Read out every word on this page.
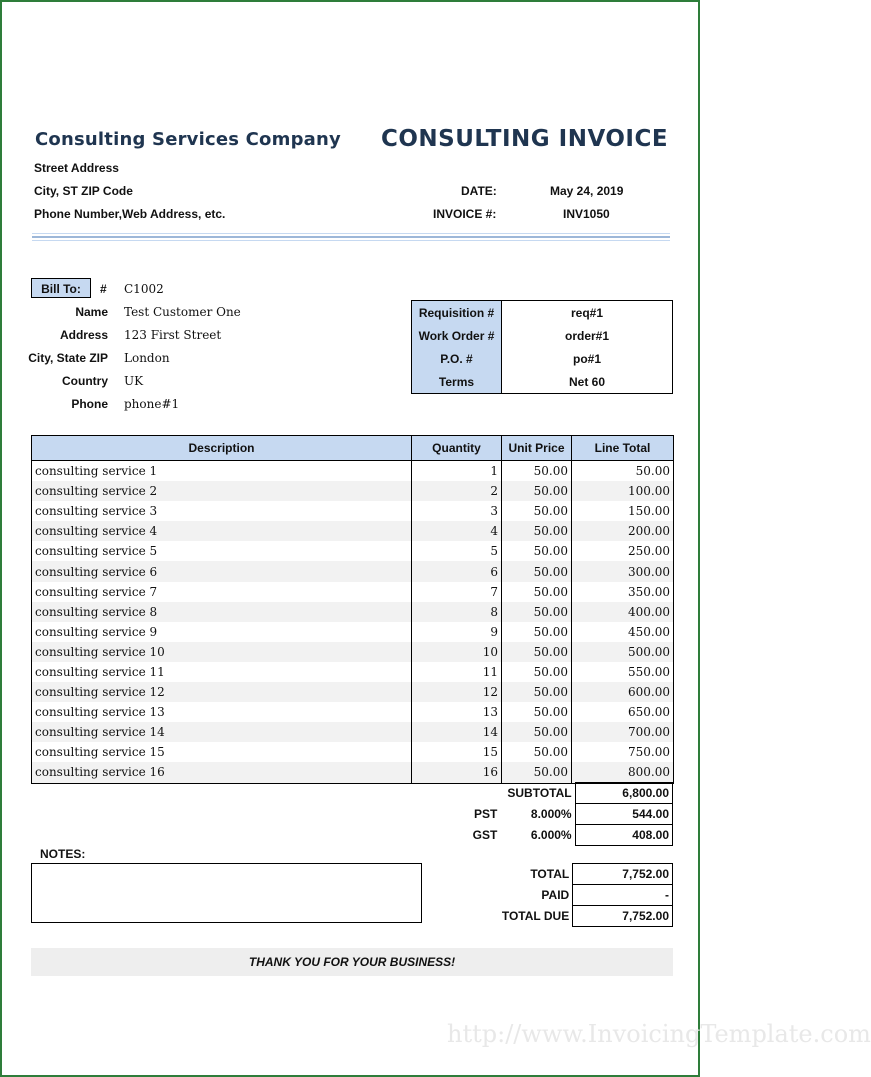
Consulting Services Company CONSULTING INVOICE
Street Address
City, ST ZIP Code
Phone Number,Web Address, etc.
DATE:	May 24, 2019
INVOICE #:	INV1050
Bill To:	# C1002
Name Test Customer One
Address 123 First Street
City, State ZIP London
Country UK
Phone phone#1
Requisition #	req#1
Work Order #	order#1
P.O. #	po#1
Terms	Net 60
Description	Quantity	Unit Price	Line Total
consulting service 1	1	50.00	50.00
consulting service 2	2	50.00	100.00
consulting service 3	3	50.00	150.00
consulting service 4	4	50.00	200.00
consulting service 5	5	50.00	250.00
consulting service 6	6	50.00	300.00
consulting service 7	7	50.00	350.00
consulting service 8	8	50.00	400.00
consulting service 9	9	50.00	450.00
consulting service 10	10	50.00	500.00
consulting service 11	11	50.00	550.00
consulting service 12	12	50.00	600.00
consulting service 13	13	50.00	650.00
consulting service 14	14	50.00	700.00
consulting service 15	15	50.00	750.00
consulting service 16	16	50.00	800.00
SUBTOTAL		6,800.00
PST	8.000%	544.00
GST	6.000%	408.00
NOTES:
TOTAL	7,752.00
PAID	-
TOTAL DUE	7,752.00
THANK YOU FOR YOUR BUSINESS!
http://www.InvoicingTemplate.com
